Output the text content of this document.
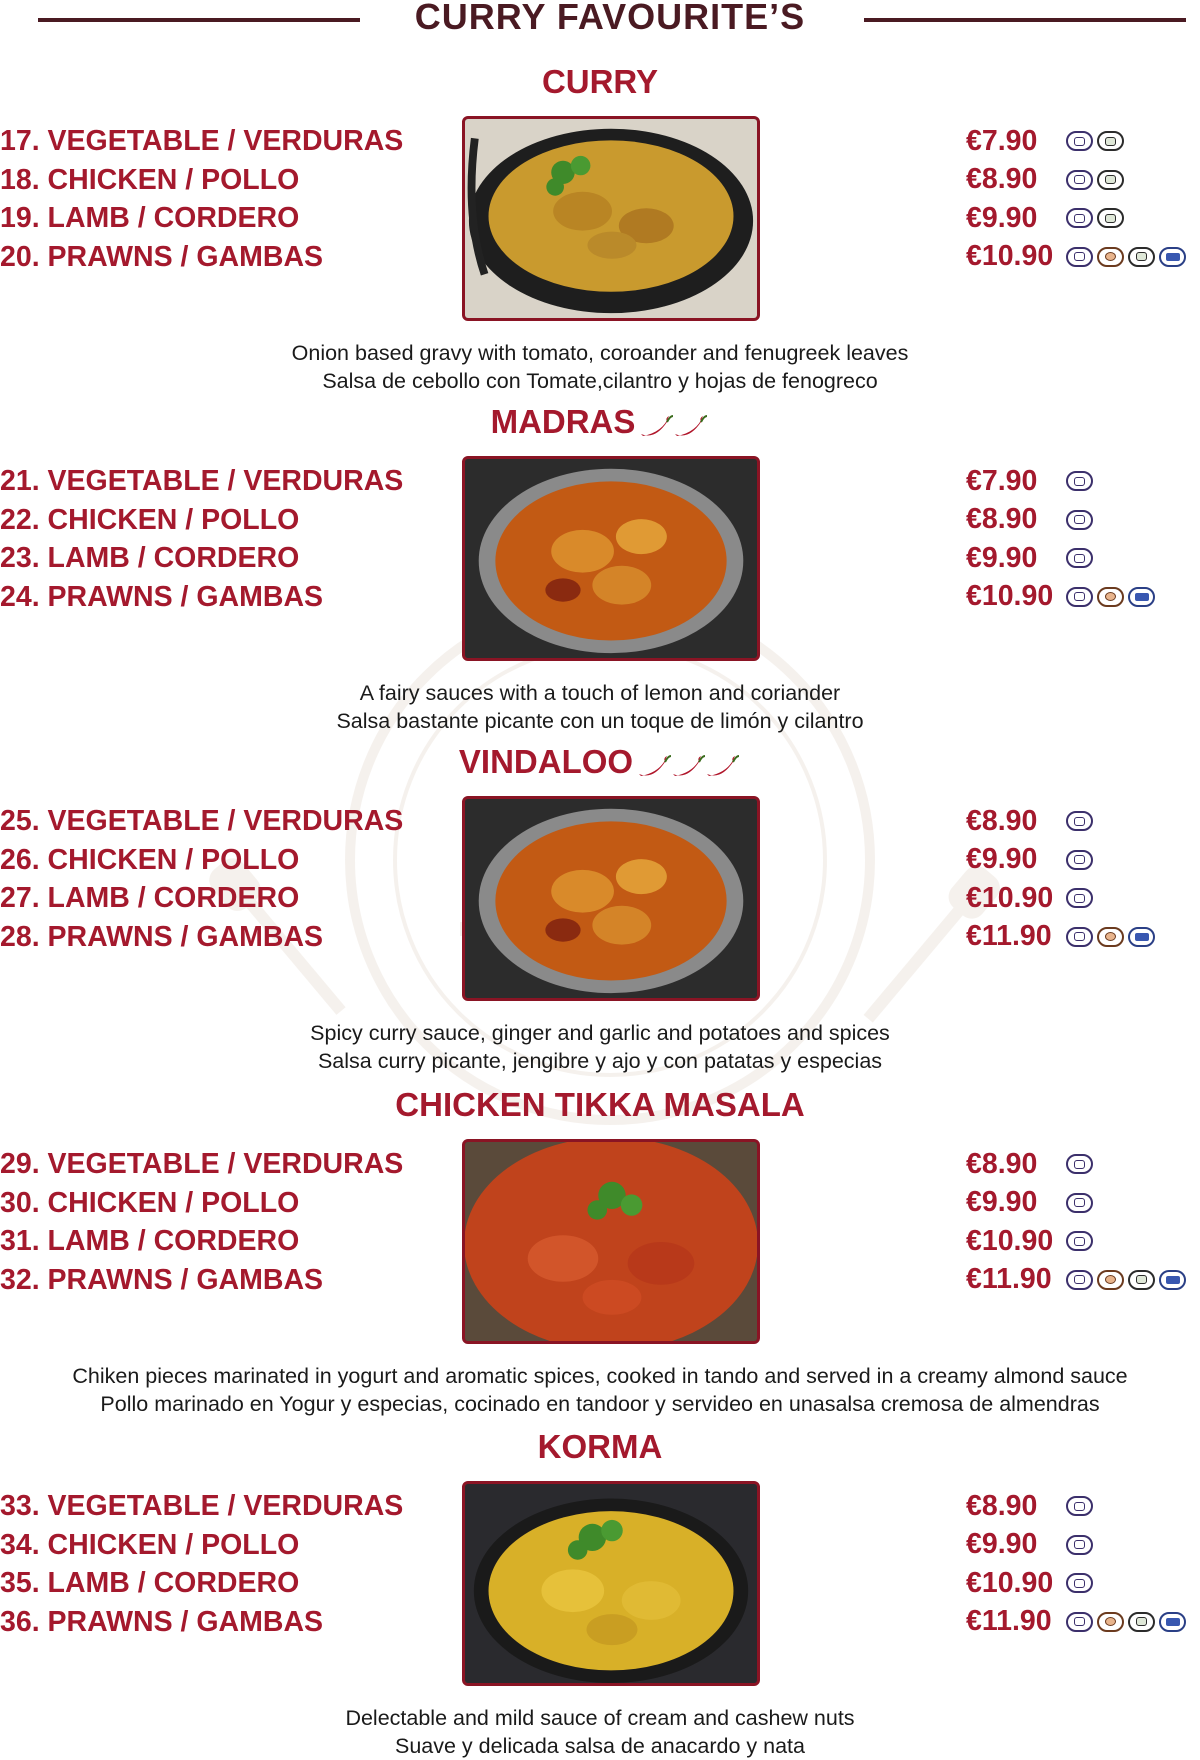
CURRY FAVOURITE’S
CURRY
17. VEGETABLE / VERDURAS
18. CHICKEN / POLLO
19. LAMB / CORDERO
20. PRAWNS / GAMBAS
€7.90
€8.90
€9.90
€10.90
Onion based gravy with tomato, coroander and fenugreek leaves
Salsa de cebollo con Tomate,cilantro y hojas de fenogreco
MADRAS
21. VEGETABLE / VERDURAS
22. CHICKEN / POLLO
23. LAMB / CORDERO
24. PRAWNS / GAMBAS
€7.90
€8.90
€9.90
€10.90
A fairy sauces with a touch of lemon and coriander
Salsa bastante picante con un toque de limón y cilantro
VINDALOO
25. VEGETABLE / VERDURAS
26. CHICKEN / POLLO
27. LAMB / CORDERO
28. PRAWNS / GAMBAS
€8.90
€9.90
€10.90
€11.90
Spicy curry sauce, ginger and garlic and potatoes and spices
Salsa curry picante, jengibre y ajo y con patatas y especias
CHICKEN TIKKA MASALA
29. VEGETABLE / VERDURAS
30. CHICKEN / POLLO
31. LAMB / CORDERO
32. PRAWNS / GAMBAS
€8.90
€9.90
€10.90
€11.90
Chiken pieces marinated in yogurt and aromatic spices, cooked in tando and served in a creamy almond sauce
Pollo marinado en Yogur y especias, cocinado en tandoor y servideo en unasalsa cremosa de almendras
KORMA
33. VEGETABLE / VERDURAS
34. CHICKEN / POLLO
35. LAMB / CORDERO
36. PRAWNS / GAMBAS
€8.90
€9.90
€10.90
€11.90
Delectable and mild sauce of cream and cashew nuts
Suave y delicada salsa de anacardo y nata
